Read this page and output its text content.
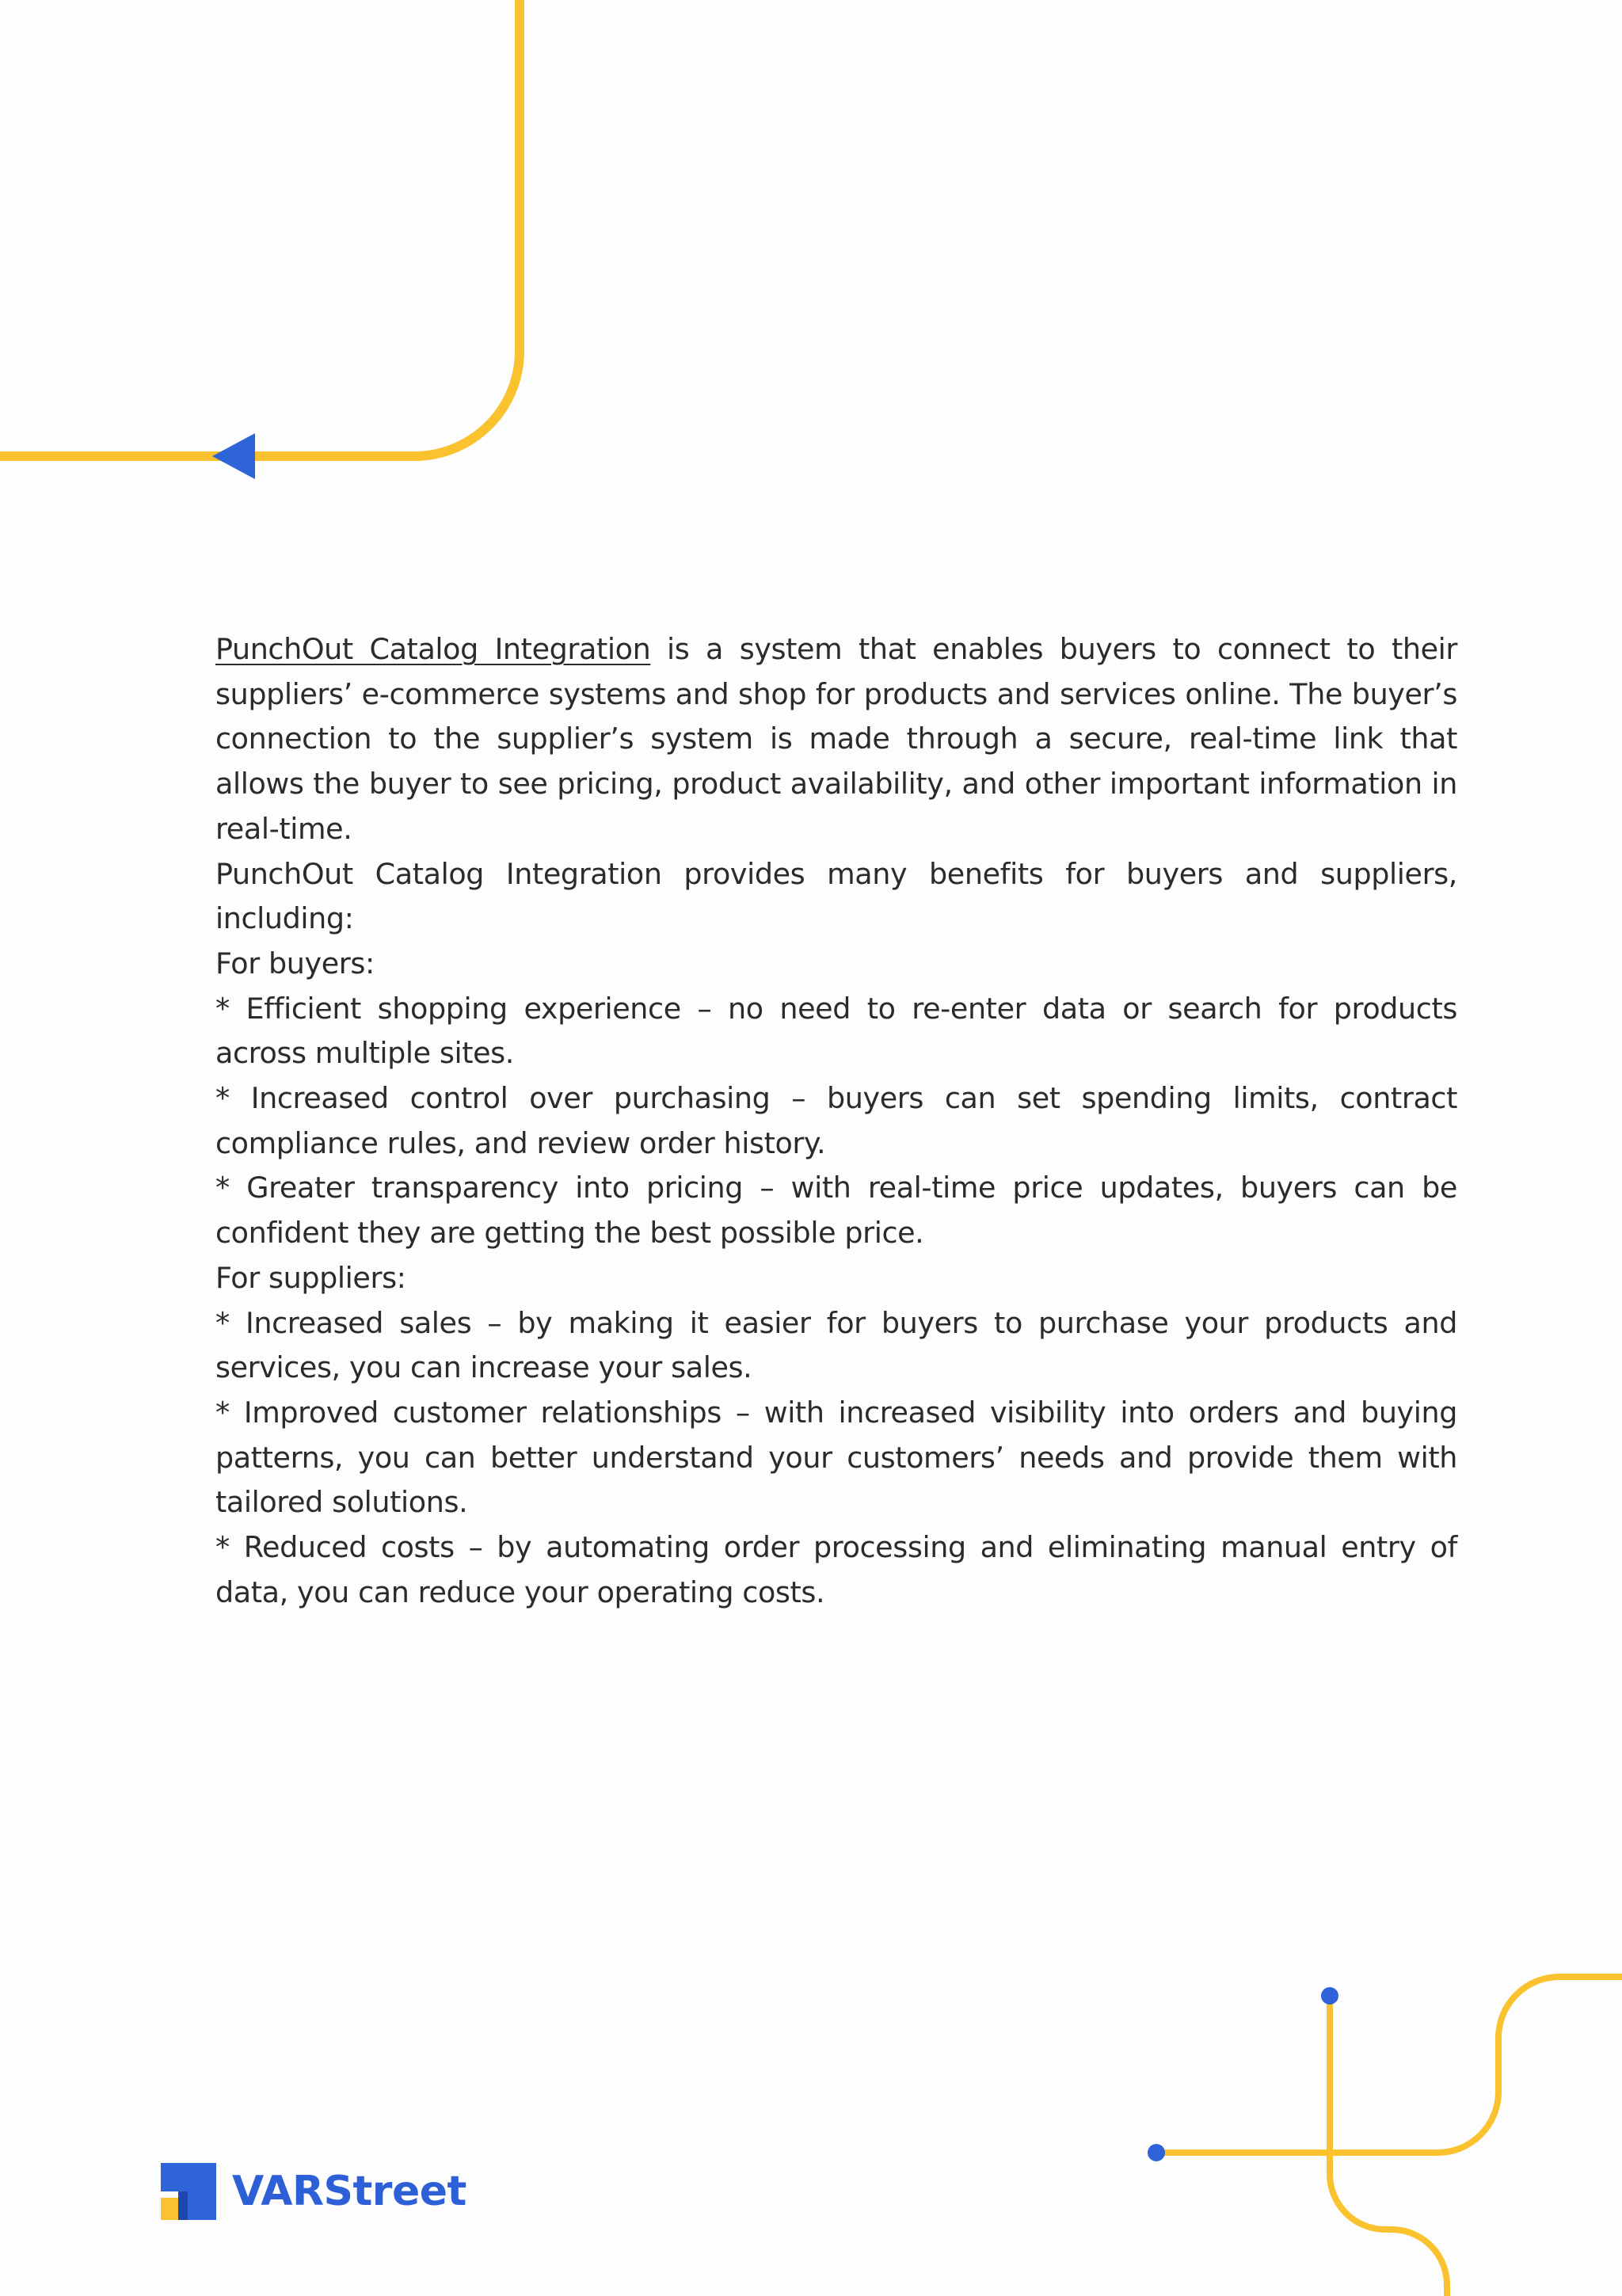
PunchOut Catalog Integration is a system that enables buyers to connect to their suppliers’ e-commerce systems and shop for products and services online. The buyer’s connection to the supplier’s system is made through a secure, real-time link that allows the buyer to see pricing, product availability, and other important information in real-time.

PunchOut Catalog Integration provides many benefits for buyers and suppliers, including:

For buyers:

* Efficient shopping experience – no need to re-enter data or search for products across multiple sites.

* Increased control over purchasing – buyers can set spending limits, contract compliance rules, and review order history.

* Greater transparency into pricing – with real-time price updates, buyers can be confident they are getting the best possible price.

For suppliers:

* Increased sales – by making it easier for buyers to purchase your products and services, you can increase your sales.

* Improved customer relationships – with increased visibility into orders and buying patterns, you can better understand your customers’ needs and provide them with tailored solutions.

* Reduced costs – by automating order processing and eliminating manual entry of data, you can reduce your operating costs.

VARStreet
